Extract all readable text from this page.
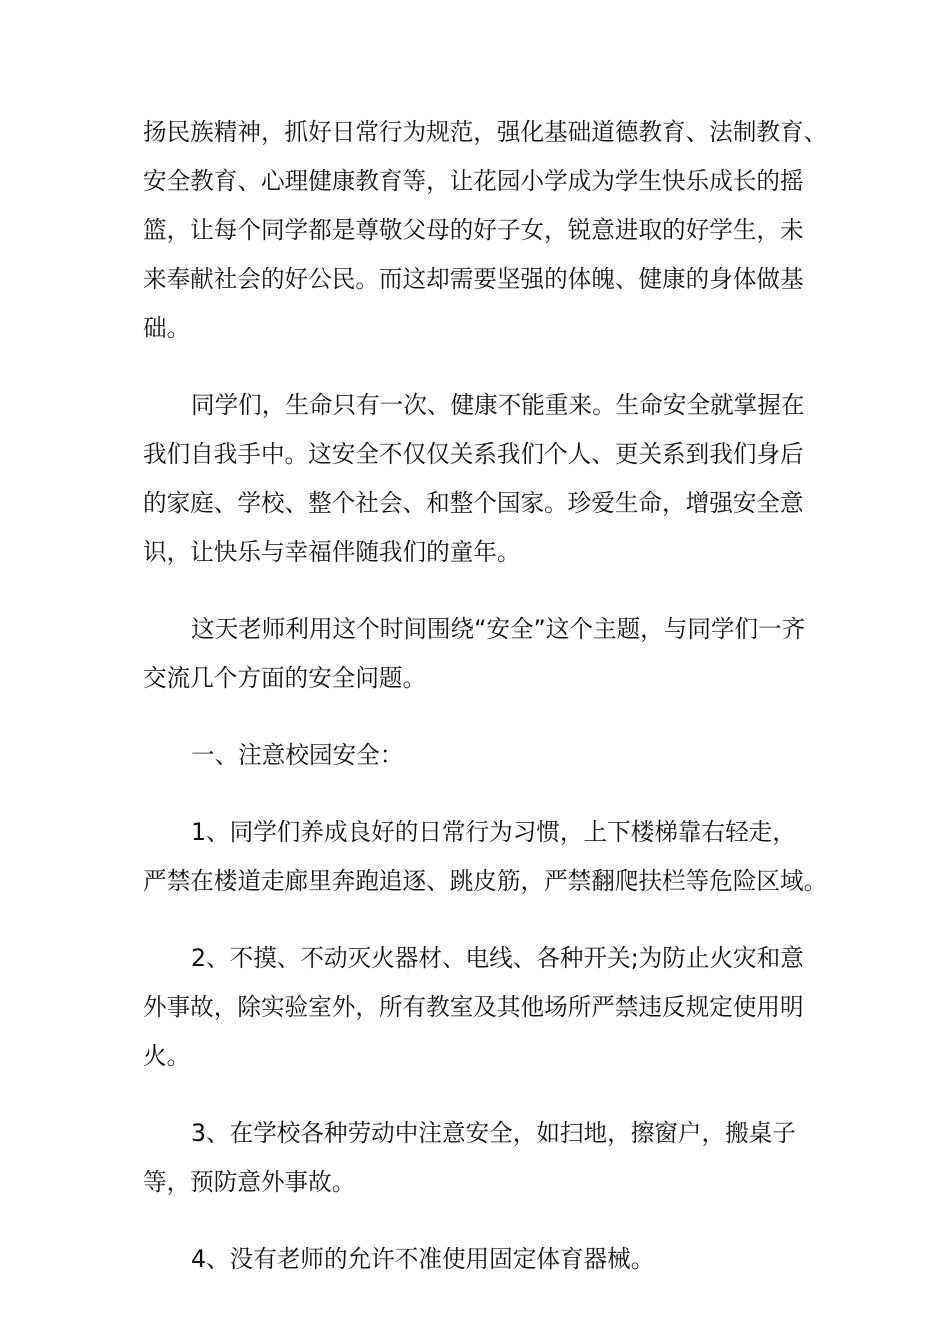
扬民族精神，抓好日常行为规范，强化基础道德教育、法制教育、
安全教育、心理健康教育等，让花园小学成为学生快乐成长的摇
篮，让每个同学都是尊敬父母的好子女，锐意进取的好学生，未
来奉献社会的好公民。而这却需要坚强的体魄、健康的身体做基
础。

同学们，生命只有一次、健康不能重来。生命安全就掌握在
我们自我手中。这安全不仅仅关系我们个人、更关系到我们身后
的家庭、学校、整个社会、和整个国家。珍爱生命，增强安全意
识，让快乐与幸福伴随我们的童年。

这天老师利用这个时间围绕“安全”这个主题，与同学们一齐
交流几个方面的安全问题。

一、注意校园安全：

1、同学们养成良好的日常行为习惯，上下楼梯靠右轻走，
严禁在楼道走廊里奔跑追逐、跳皮筋，严禁翻爬扶栏等危险区域。

2、不摸、不动灭火器材、电线、各种开关;为防止火灾和意
外事故，除实验室外，所有教室及其他场所严禁违反规定使用明
火。

3、在学校各种劳动中注意安全，如扫地，擦窗户，搬桌子
等，预防意外事故。

4、没有老师的允许不准使用固定体育器械。
